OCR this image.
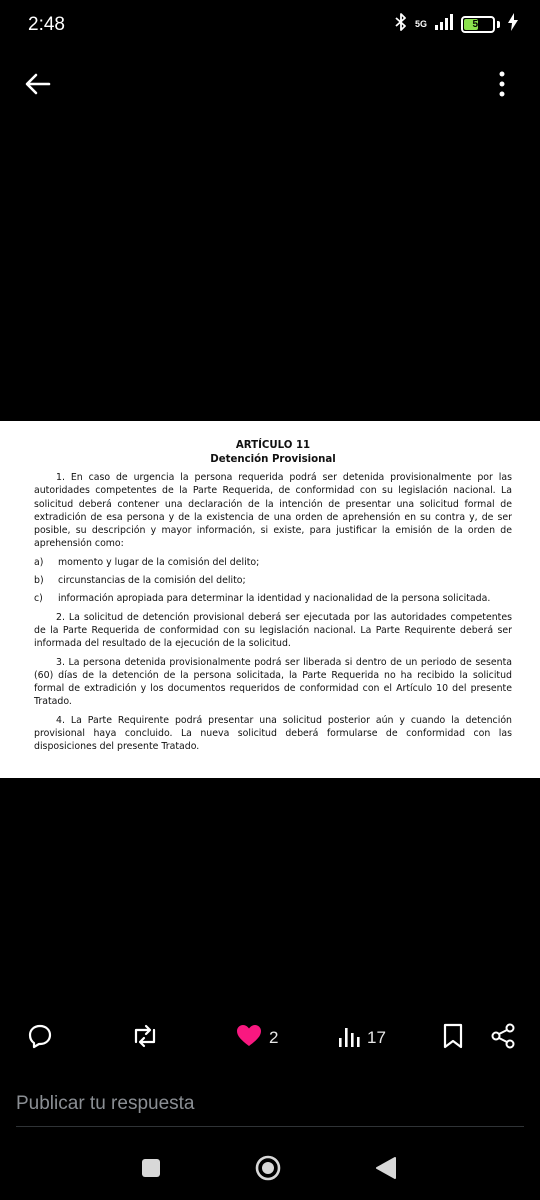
2:48	5G	51
ARTÍCULO 11
Detención Provisional

1. En caso de urgencia la persona requerida podrá ser detenida provisionalmente por las autoridades competentes de la Parte Requerida, de conformidad con su legislación nacional. La solicitud deberá contener una declaración de la intención de presentar una solicitud formal de extradición de esa persona y de la existencia de una orden de aprehensión en su contra y, de ser posible, su descripción y mayor información, si existe, para justificar la emisión de la orden de aprehensión como:

a)	momento y lugar de la comisión del delito;
b)	circunstancias de la comisión del delito;
c)	información apropiada para determinar la identidad y nacionalidad de la persona solicitada.

2. La solicitud de detención provisional deberá ser ejecutada por las autoridades competentes de la Parte Requerida de conformidad con su legislación nacional. La Parte Requirente deberá ser informada del resultado de la ejecución de la solicitud.

3. La persona detenida provisionalmente podrá ser liberada si dentro de un periodo de sesenta (60) días de la detención de la persona solicitada, la Parte Requerida no ha recibido la solicitud formal de extradición y los documentos requeridos de conformidad con el Artículo 10 del presente Tratado.

4. La Parte Requirente podrá presentar una solicitud posterior aún y cuando la detención provisional haya concluido. La nueva solicitud deberá formularse de conformidad con las disposiciones del presente Tratado.

2	17
Publicar tu respuesta
